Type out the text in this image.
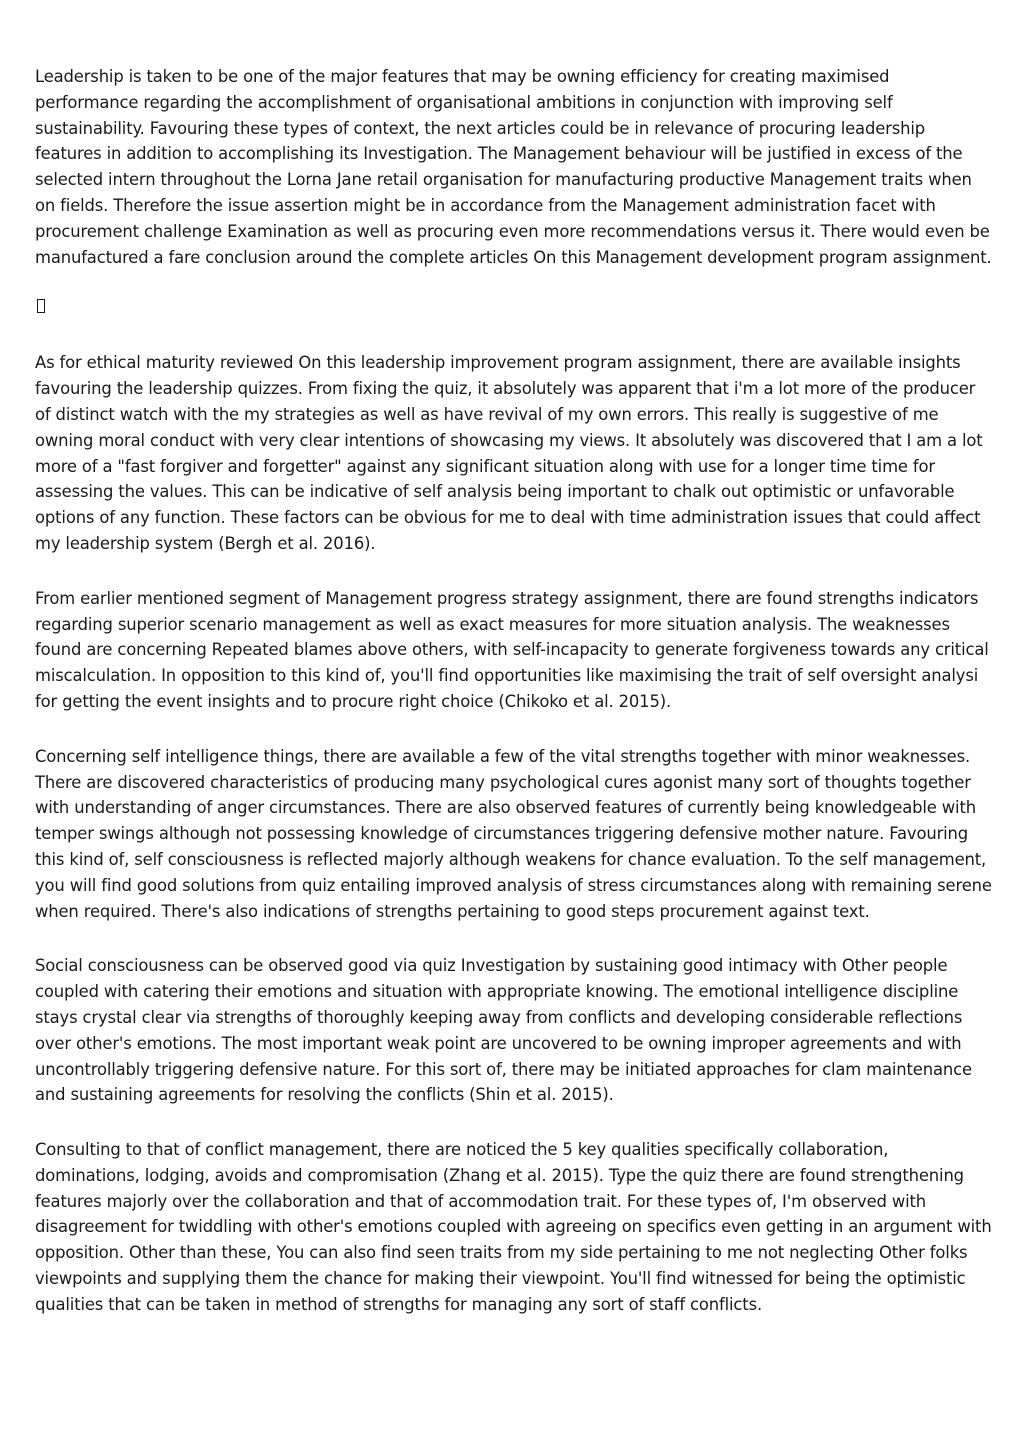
Leadership is taken to be one of the major features that may be owning efficiency for creating maximised performance regarding the accomplishment of organisational ambitions in conjunction with improving self sustainability. Favouring these types of context, the next articles could be in relevance of procuring leadership features in addition to accomplishing its Investigation. The Management behaviour will be justified in excess of the selected intern throughout the Lorna Jane retail organisation for manufacturing productive Management traits when on fields. Therefore the issue assertion might be in accordance from the Management administration facet with procurement challenge Examination as well as procuring even more recommendations versus it. There would even be manufactured a fare conclusion around the complete articles On this Management development program assignment.

As for ethical maturity reviewed On this leadership improvement program assignment, there are available insights favouring the leadership quizzes. From fixing the quiz, it absolutely was apparent that i'm a lot more of the producer of distinct watch with the my strategies as well as have revival of my own errors. This really is suggestive of me owning moral conduct with very clear intentions of showcasing my views. It absolutely was discovered that I am a lot more of a "fast forgiver and forgetter" against any significant situation along with use for a longer time time for assessing the values. This can be indicative of self analysis being important to chalk out optimistic or unfavorable options of any function. These factors can be obvious for me to deal with time administration issues that could affect my leadership system (Bergh et al. 2016).

From earlier mentioned segment of Management progress strategy assignment, there are found strengths indicators regarding superior scenario management as well as exact measures for more situation analysis. The weaknesses found are concerning Repeated blames above others, with self-incapacity to generate forgiveness towards any critical miscalculation. In opposition to this kind of, you'll find opportunities like maximising the trait of self oversight analysi for getting the event insights and to procure right choice (Chikoko et al. 2015).

Concerning self intelligence things, there are available a few of the vital strengths together with minor weaknesses. There are discovered characteristics of producing many psychological cures agonist many sort of thoughts together with understanding of anger circumstances. There are also observed features of currently being knowledgeable with temper swings although not possessing knowledge of circumstances triggering defensive mother nature. Favouring this kind of, self consciousness is reflected majorly although weakens for chance evaluation. To the self management, you will find good solutions from quiz entailing improved analysis of stress circumstances along with remaining serene when required. There's also indications of strengths pertaining to good steps procurement against text.

Social consciousness can be observed good via quiz Investigation by sustaining good intimacy with Other people coupled with catering their emotions and situation with appropriate knowing. The emotional intelligence discipline stays crystal clear via strengths of thoroughly keeping away from conflicts and developing considerable reflections over other's emotions. The most important weak point are uncovered to be owning improper agreements and with uncontrollably triggering defensive nature. For this sort of, there may be initiated approaches for clam maintenance and sustaining agreements for resolving the conflicts (Shin et al. 2015).

Consulting to that of conflict management, there are noticed the 5 key qualities specifically collaboration, dominations, lodging, avoids and compromisation (Zhang et al. 2015). Type the quiz there are found strengthening features majorly over the collaboration and that of accommodation trait. For these types of, I'm observed with disagreement for twiddling with other's emotions coupled with agreeing on specifics even getting in an argument with opposition. Other than these, You can also find seen traits from my side pertaining to me not neglecting Other folks viewpoints and supplying them the chance for making their viewpoint. You'll find witnessed for being the optimistic qualities that can be taken in method of strengths for managing any sort of staff conflicts.
